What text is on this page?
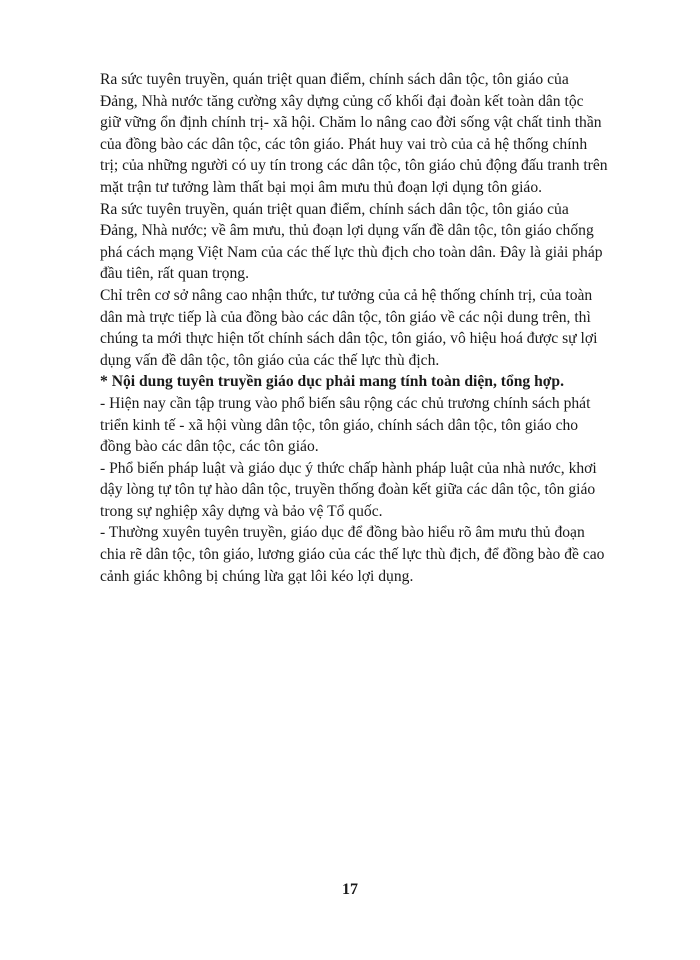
Ra sức tuyên truyền, quán triệt quan điểm, chính sách dân tộc, tôn giáo của Đảng, Nhà nước tăng cường xây dựng củng cố khối đại đoàn kết toàn dân tộc giữ vững ổn định chính trị- xã hội. Chăm lo nâng cao đời sống vật chất tinh thần của đồng bào các dân tộc, các tôn giáo. Phát huy vai trò của cả hệ thống chính trị; của những người có uy tín trong các dân tộc, tôn giáo chủ động đấu tranh trên mặt trận tư tưởng làm thất bại mọi âm mưu thủ đoạn lợi dụng tôn giáo.

Ra sức tuyên truyền, quán triệt quan điểm, chính sách dân tộc, tôn giáo của Đảng, Nhà nước; về âm mưu, thủ đoạn lợi dụng vấn đề dân tộc, tôn giáo chống phá cách mạng Việt Nam của các thế lực thù địch cho toàn dân. Đây là giải pháp đầu tiên, rất quan trọng.

Chỉ trên cơ sở nâng cao nhận thức, tư tưởng của cả hệ thống chính trị, của toàn dân mà trực tiếp là của đồng bào các dân tộc, tôn giáo về các nội dung trên, thì chúng ta mới thực hiện tốt chính sách dân tộc, tôn giáo, vô hiệu hoá được sự lợi dụng vấn đề dân tộc, tôn giáo của các thế lực thù địch.

* Nội dung tuyên truyền giáo dục phải mang tính toàn diện, tổng hợp.

- Hiện nay cần tập trung vào phổ biến sâu rộng các chủ trương chính sách phát triển kinh tế - xã hội vùng dân tộc, tôn giáo, chính sách dân tộc, tôn giáo cho đồng bào các dân tộc, các tôn giáo.

- Phổ biến pháp luật và giáo dục ý thức chấp hành pháp luật của nhà nước, khơi dậy lòng tự tôn tự hào dân tộc, truyền thống đoàn kết giữa các dân tộc, tôn giáo trong sự nghiệp xây dựng và bảo vệ Tổ quốc.

- Thường xuyên tuyên truyền, giáo dục để đồng bào hiểu rõ âm mưu thủ đoạn chia rẽ dân tộc, tôn giáo, lương giáo của các thế lực thù địch, để đồng bào đề cao cảnh giác không bị chúng lừa gạt lôi kéo lợi dụng.

17
